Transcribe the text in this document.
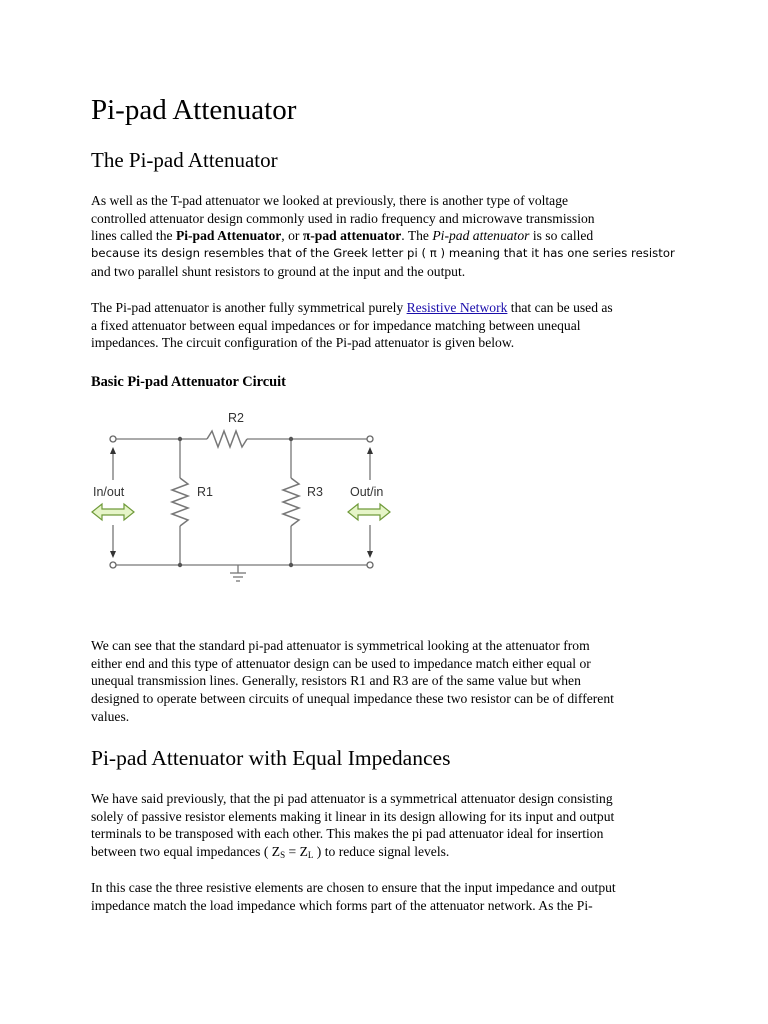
Pi-pad Attenuator
The Pi-pad Attenuator

As well as the T-pad attenuator we looked at previously, there is another type of voltage
controlled attenuator design commonly used in radio frequency and microwave transmission
lines called the Pi-pad Attenuator, or π-pad attenuator. The Pi-pad attenuator is so called
because its design resembles that of the Greek letter pi ( π ) meaning that it has one series resistor
and two parallel shunt resistors to ground at the input and the output.

The Pi-pad attenuator is another fully symmetrical purely Resistive Network that can be used as
a fixed attenuator between equal impedances or for impedance matching between unequal
impedances. The circuit configuration of the Pi-pad attenuator is given below.

Basic Pi-pad Attenuator Circuit

We can see that the standard pi-pad attenuator is symmetrical looking at the attenuator from
either end and this type of attenuator design can be used to impedance match either equal or
unequal transmission lines. Generally, resistors R1 and R3 are of the same value but when
designed to operate between circuits of unequal impedance these two resistor can be of different
values.

Pi-pad Attenuator with Equal Impedances

We have said previously, that the pi pad attenuator is a symmetrical attenuator design consisting
solely of passive resistor elements making it linear in its design allowing for its input and output
terminals to be transposed with each other. This makes the pi pad attenuator ideal for insertion
between two equal impedances ( $Z_S = Z_L$ ) to reduce signal levels.

In this case the three resistive elements are chosen to ensure that the input impedance and output
impedance match the load impedance which forms part of the attenuator network. As the Pi-

R2
R1	R3
In/out	Out/in
